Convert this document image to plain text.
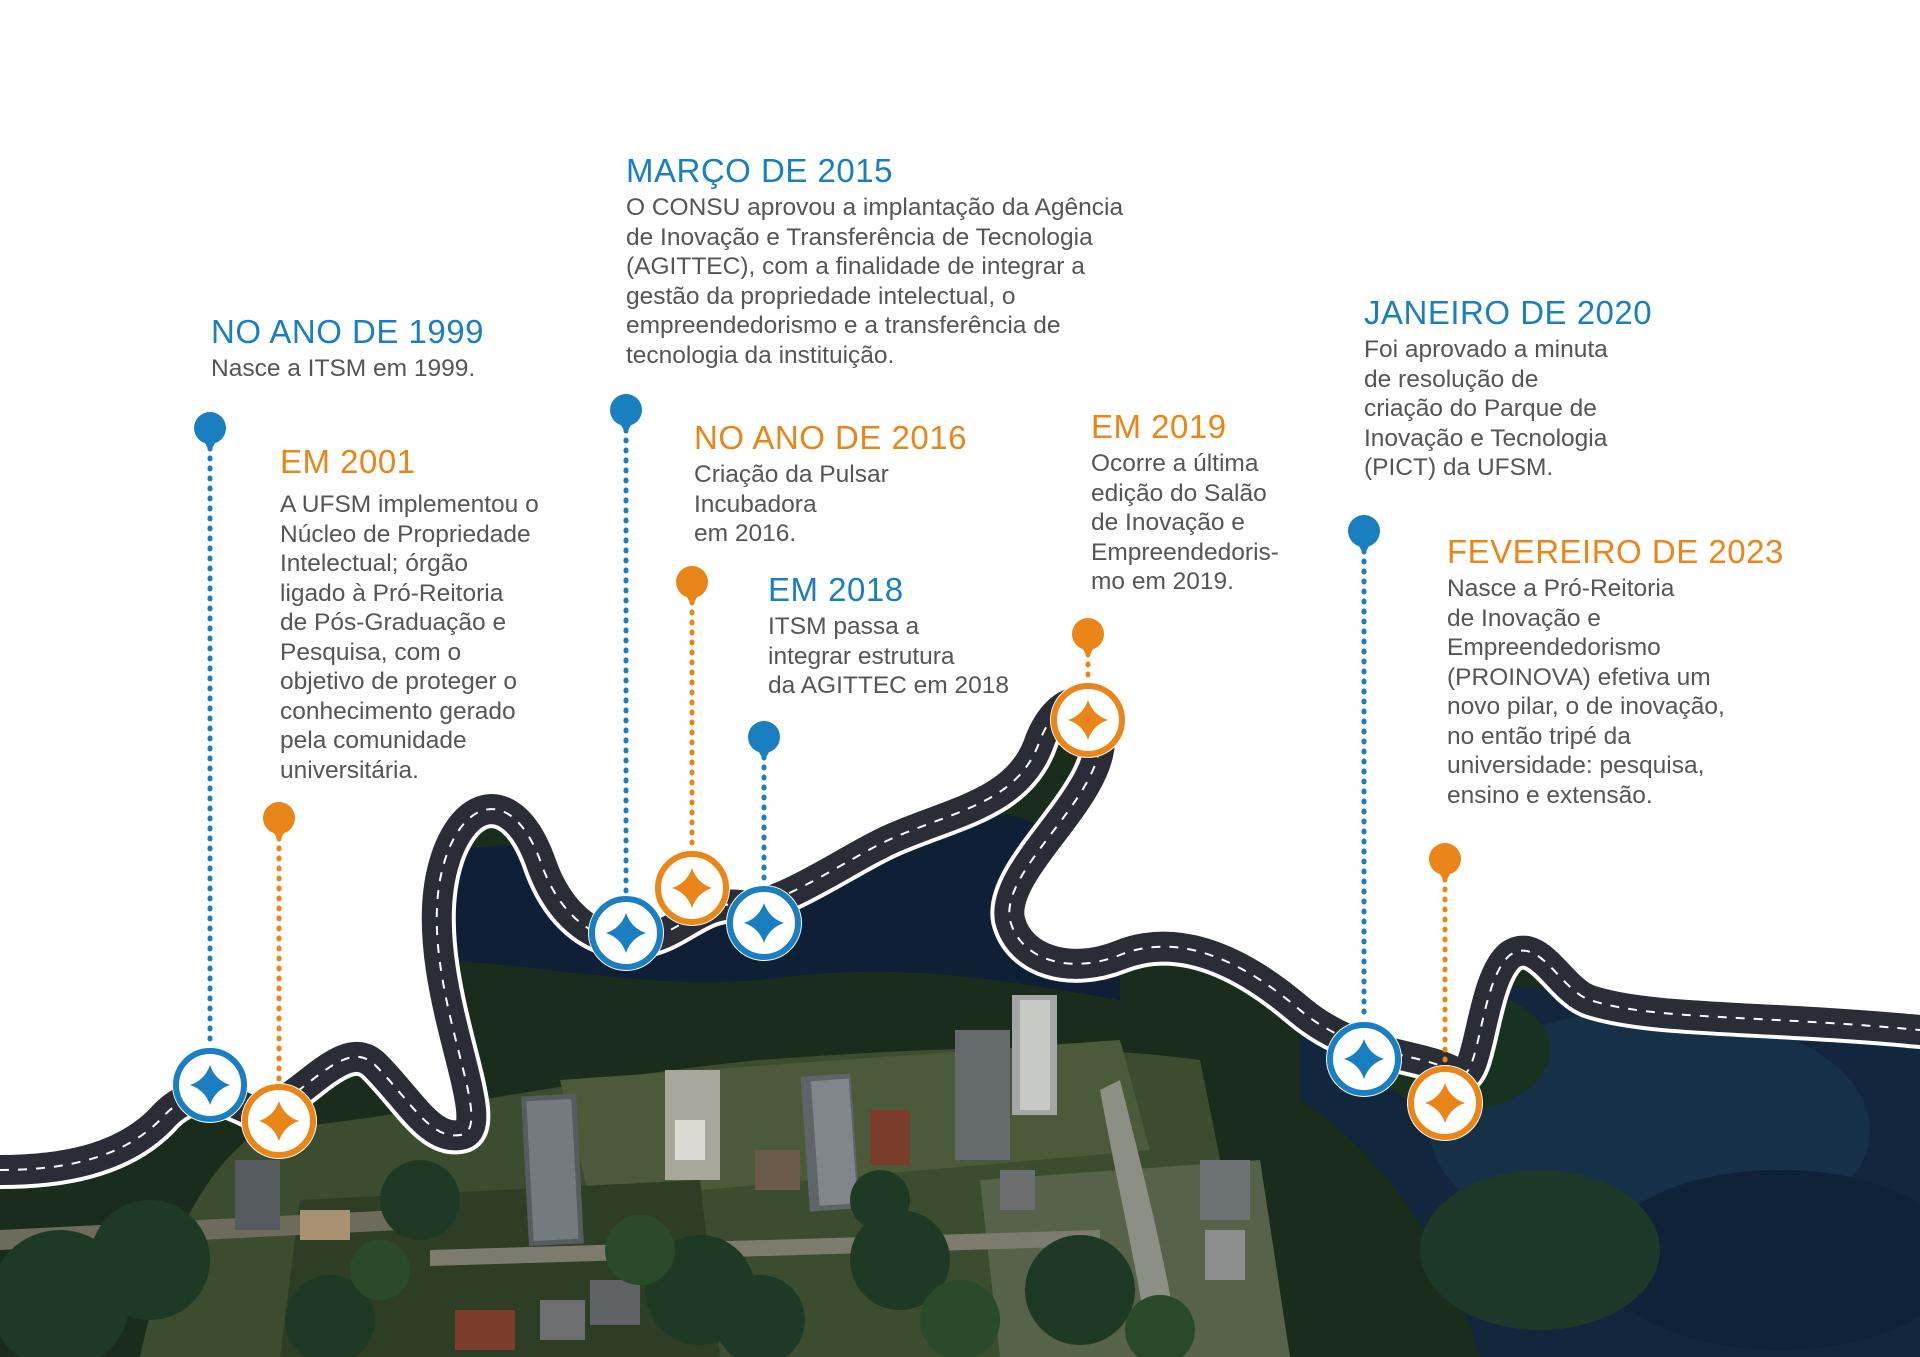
NO ANO DE 1999
Nasce a ITSM em 1999.
EM 2001
A UFSM implementou o
Núcleo de Propriedade
Intelectual; órgão
ligado à Pró-Reitoria
de Pós-Graduação e
Pesquisa, com o
objetivo de proteger o
conhecimento gerado
pela comunidade
universitária.
MARÇO DE 2015
O CONSU aprovou a implantação da Agência
de Inovação e Transferência de Tecnologia
(AGITTEC), com a finalidade de integrar a
gestão da propriedade intelectual, o
empreendedorismo e a transferência de
tecnologia da instituição.
NO ANO DE 2016
Criação da Pulsar
Incubadora
em 2016.
EM 2018
ITSM passa a
integrar estrutura
da AGITTEC em 2018
EM 2019
Ocorre a última
edição do Salão
de Inovação e
Empreendedoris-
mo em 2019.
JANEIRO DE 2020
Foi aprovado a minuta
de resolução de
criação do Parque de
Inovação e Tecnologia
(PICT) da UFSM.
FEVEREIRO DE 2023
Nasce a Pró-Reitoria
de Inovação e
Empreendedorismo
(PROINOVA) efetiva um
novo pilar, o de inovação,
no então tripé da
universidade: pesquisa,
ensino e extensão.
